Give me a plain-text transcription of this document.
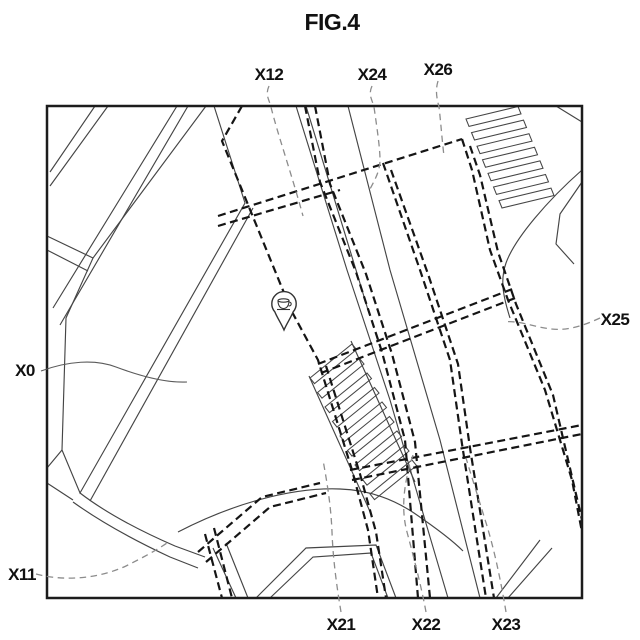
FIG.4
X12	X24 X26
X25
X0
X11
X21	X22	X23
